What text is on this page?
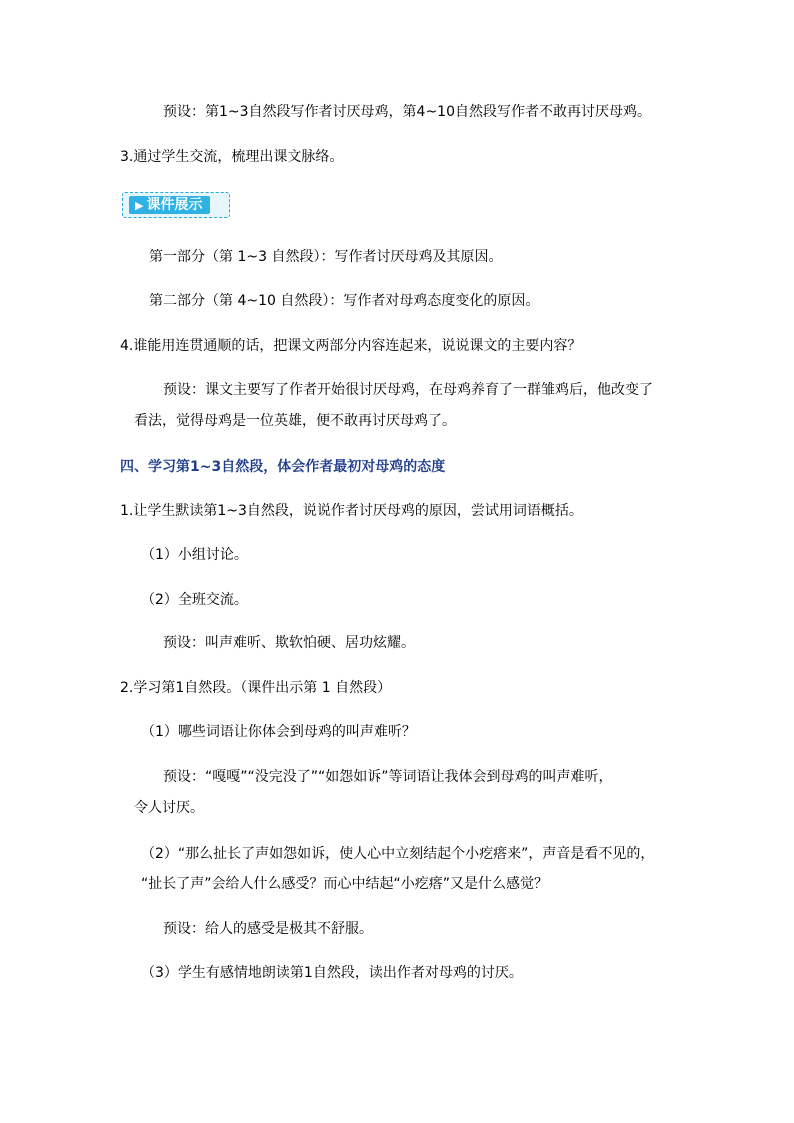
预设：第1~3自然段写作者讨厌母鸡，第4~10自然段写作者不敢再讨厌母鸡。
3.通过学生交流，梳理出课文脉络。
▶ 课件展示
第一部分（第 1~3 自然段）：写作者讨厌母鸡及其原因。
第二部分（第 4~10 自然段）：写作者对母鸡态度变化的原因。
4.谁能用连贯通顺的话，把课文两部分内容连起来，说说课文的主要内容？
预设：课文主要写了作者开始很讨厌母鸡，在母鸡养育了一群雏鸡后，他改变了
看法，觉得母鸡是一位英雄，便不敢再讨厌母鸡了。
四、学习第1~3自然段，体会作者最初对母鸡的态度
1.让学生默读第1~3自然段，说说作者讨厌母鸡的原因，尝试用词语概括。
（1）小组讨论。
（2）全班交流。
预设：叫声难听、欺软怕硬、居功炫耀。
2.学习第1自然段。（课件出示第 1 自然段）
（1）哪些词语让你体会到母鸡的叫声难听？
预设：“嘎嘎”“没完没了”“如怨如诉”等词语让我体会到母鸡的叫声难听，
令人讨厌。
（2）“那么扯长了声如怨如诉，使人心中立刻结起个小疙瘩来”，声音是看不见的，
“扯长了声”会给人什么感受？而心中结起“小疙瘩”又是什么感觉？
预设：给人的感受是极其不舒服。
（3）学生有感情地朗读第1自然段，读出作者对母鸡的讨厌。
